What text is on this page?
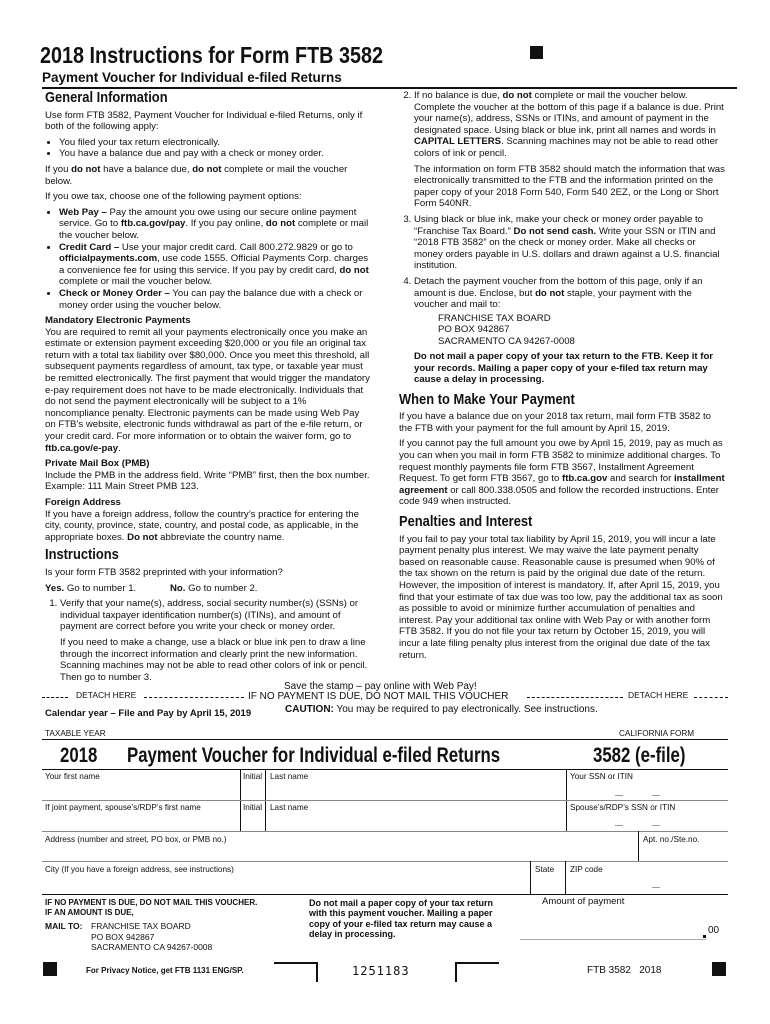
2018 Instructions for Form FTB 3582
Payment Voucher for Individual e-filed Returns
General Information

Use form FTB 3582, Payment Voucher for Individual e-filed Returns, only if both of the following apply:

• You filed your tax return electronically.
• You have a balance due and pay with a check or money order.

If you do not have a balance due, do not complete or mail the voucher below.

If you owe tax, choose one of the following payment options:

• Web Pay – Pay the amount you owe using our secure online payment service. Go to ftb.ca.gov/pay. If you pay online, do not complete or mail the voucher below.
• Credit Card – Use your major credit card. Call 800.272.9829 or go to officialpayments.com, use code 1555. Official Payments Corp. charges a convenience fee for using this service. If you pay by credit card, do not complete or mail the voucher below.
• Check or Money Order – You can pay the balance due with a check or money order using the voucher below.
Mandatory Electronic Payments

You are required to remit all your payments electronically once you make an estimate or extension payment exceeding $20,000 or you file an original tax return with a total tax liability over $80,000. Once you meet this threshold, all subsequent payments regardless of amount, tax type, or taxable year must be remitted electronically. The first payment that would trigger the mandatory e-pay requirement does not have to be made electronically. Individuals that do not send the payment electronically will be subject to a 1% noncompliance penalty. Electronic payments can be made using Web Pay on FTB’s website, electronic funds withdrawal as part of the e-file return, or your credit card. For more information or to obtain the waiver form, go to ftb.ca.gov/e-pay.

Private Mail Box (PMB)

Include the PMB in the address field. Write “PMB” first, then the box number. Example: 111 Main Street PMB 123.

Foreign Address

If you have a foreign address, follow the country’s practice for entering the city, county, province, state, country, and postal code, as applicable, in the appropriate boxes. Do not abbreviate the country name.

Instructions

Is your form FTB 3582 preprinted with your information?

Yes. Go to number 1.	No. Go to number 2.

1. Verify that your name(s), address, social security number(s) (SSNs) or individual taxpayer identification number(s) (ITINs), and amount of payment are correct before you write your check or money order.
If you need to make a change, use a black or blue ink pen to draw a line through the incorrect information and clearly print the new information. Scanning machines may not be able to read other colors of ink or pencil. Then go to number 3.
2. If no balance is due, do not complete or mail the voucher below. Complete the voucher at the bottom of this page if a balance is due. Print your name(s), address, SSNs or ITINs, and amount of payment in the designated space. Using black or blue ink, print all names and words in CAPITAL LETTERS. Scanning machines may not be able to read other colors of ink or pencil.
The information on form FTB 3582 should match the information that was electronically transmitted to the FTB and the information printed on the paper copy of your 2018 Form 540, Form 540 2EZ, or the Long or Short Form 540NR.
3. Using black or blue ink, make your check or money order payable to “Franchise Tax Board.” Do not send cash. Write your SSN or ITIN and “2018 FTB 3582” on the check or money order. Make all checks or money orders payable in U.S. dollars and drawn against a U.S. financial institution.
4. Detach the payment voucher from the bottom of this page, only if an amount is due. Enclose, but do not staple, your payment with the voucher and mail to:
FRANCHISE TAX BOARD
PO BOX 942867
SACRAMENTO CA 94267-0008
Do not mail a paper copy of your tax return to the FTB. Keep it for your records. Mailing a paper copy of your e-filed tax return may cause a delay in processing.
When to Make Your Payment

If you have a balance due on your 2018 tax return, mail form FTB 3582 to the FTB with your payment for the full amount by April 15, 2019.

If you cannot pay the full amount you owe by April 15, 2019, pay as much as you can when you mail in form FTB 3582 to minimize additional charges. To request monthly payments file form FTB 3567, Installment Agreement Request. To get form FTB 3567, go to ftb.ca.gov and search for installment agreement or call 800.338.0505 and follow the recorded instructions. Enter code 949 when instructed.

Penalties and Interest

If you fail to pay your total tax liability by April 15, 2019, you will incur a late payment penalty plus interest. We may waive the late payment penalty based on reasonable cause. Reasonable cause is presumed when 90% of the tax shown on the return is paid by the original due date of the return. However, the imposition of interest is mandatory. If, after April 15, 2019, you find that your estimate of tax due was too low, pay the additional tax as soon as possible to avoid or minimize further accumulation of penalties and interest. Pay your additional tax online with Web Pay or with another form FTB 3582. If you do not file your tax return by October 15, 2019, you will incur a late filing penalty plus interest from the original due date of the tax return.

Save the stamp – pay online with Web Pay!
DETACH HERE	IF NO PAYMENT IS DUE, DO NOT MAIL THIS VOUCHER	DETACH HERE
Calendar year – File and Pay by April 15, 2019	CAUTION: You may be required to pay electronically. See instructions.
TAXABLE YEAR	CALIFORNIA FORM
2018 Payment Voucher for Individual e-filed Returns	3582 (e-file)
Your first name	Initial Last name	Your SSN or ITIN
If joint payment, spouse’s/RDP’s first name	Initial Last name	Spouse’s/RDP’s SSN or ITIN
Address (number and street, PO box, or PMB no.)	Apt. no./Ste.no.
City (If you have a foreign address, see instructions)	State ZIP code
IF NO PAYMENT IS DUE, DO NOT MAIL THIS VOUCHER.
IF AN AMOUNT IS DUE,
MAIL TO: FRANCHISE TAX BOARD
PO BOX 942867
SACRAMENTO CA 94267-0008
Do not mail a paper copy of your tax return with this payment voucher. Mailing a paper copy of your e-filed tax return may cause a delay in processing.
Amount of payment
00
For Privacy Notice, get FTB 1131 ENG/SP.	1251183	FTB 3582   2018
